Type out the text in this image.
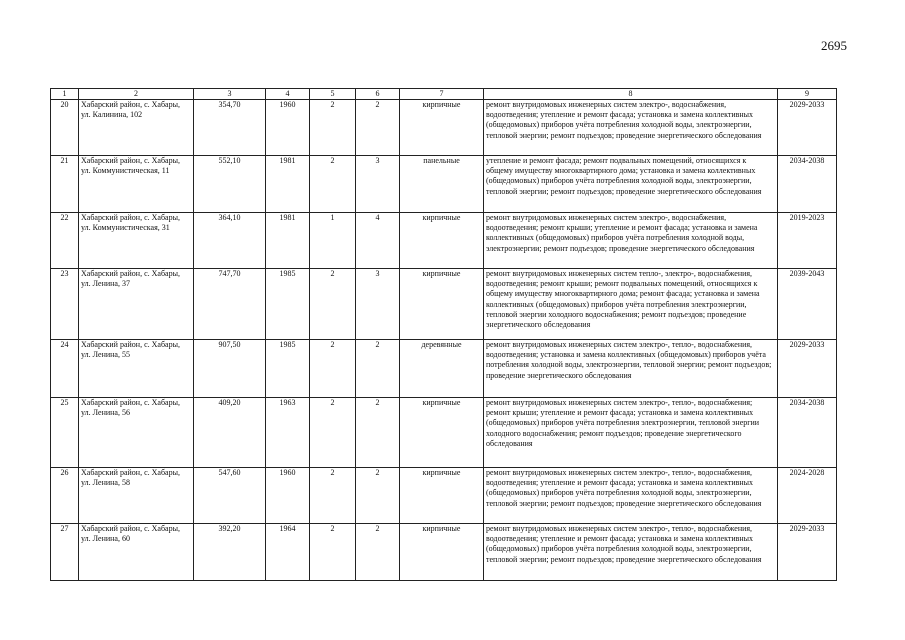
2695
1	2	3	4	5	6	7	8	9
20	Хабарский район, с. Хабары, ул. Калинина, 102	354,70	1960	2	2	кирпичные	ремонт внутридомовых инженерных систем электро-, водоснабжения, водоотведения; утепление и ремонт фасада; установка и замена коллективных (общедомовых) приборов учёта потребления холодной воды, электроэнергии, тепловой энергии; ремонт подъездов; проведение энергетического обследования	2029-2033
21	Хабарский район, с. Хабары, ул. Коммунистическая, 11	552,10	1981	2	3	панельные	утепление и ремонт фасада; ремонт подвальных помещений, относящихся к общему имуществу многоквартирного дома; установка и замена коллективных (общедомовых) приборов учёта потребления холодной воды, электроэнергии, тепловой энергии; ремонт подъездов; проведение энергетического обследования	2034-2038
22	Хабарский район, с. Хабары, ул. Коммунистическая, 31	364,10	1981	1	4	кирпичные	ремонт внутридомовых инженерных систем электро-, водоснабжения, водоотведения; ремонт крыши; утепление и ремонт фасада; установка и замена коллективных (общедомовых) приборов учёта потребления холодной воды, электроэнергии; ремонт подъездов; проведение энергетического обследования	2019-2023
23	Хабарский район, с. Хабары, ул. Ленина, 37	747,70	1985	2	3	кирпичные	ремонт внутридомовых инженерных систем тепло-, электро-, водоснабжения, водоотведения; ремонт крыши; ремонт подвальных помещений, относящихся к общему имуществу многоквартирного дома; ремонт фасада; установка и замена коллективных (общедомовых) приборов учёта потребления электроэнергии, тепловой энергии холодного водоснабжения; ремонт подъездов; проведение энергетического обследования	2039-2043
24	Хабарский район, с. Хабары, ул. Ленина, 55	907,50	1985	2	2	деревянные	ремонт внутридомовых инженерных систем электро-, тепло-, водоснабжения, водоотведения; установка и замена коллективных (общедомовых) приборов учёта потребления холодной воды, электроэнергии, тепловой энергии; ремонт подъездов; проведение энергетического обследования	2029-2033
25	Хабарский район, с. Хабары, ул. Ленина, 56	409,20	1963	2	2	кирпичные	ремонт внутридомовых инженерных систем электро-, тепло-, водоснабжения; ремонт крыши; утепление и ремонт фасада; установка и замена коллективных (общедомовых) приборов учёта потребления электроэнергии, тепловой энергии холодного водоснабжения; ремонт подъездов; проведение энергетического обследования	2034-2038
26	Хабарский район, с. Хабары, ул. Ленина, 58	547,60	1960	2	2	кирпичные	ремонт внутридомовых инженерных систем электро-, тепло-, водоснабжения, водоотведения; утепление и ремонт фасада; установка и замена коллективных (общедомовых) приборов учёта потребления холодной воды, электроэнергии, тепловой энергии; ремонт подъездов; проведение энергетического обследования	2024-2028
27	Хабарский район, с. Хабары, ул. Ленина, 60	392,20	1964	2	2	кирпичные	ремонт внутридомовых инженерных систем электро-, тепло-, водоснабжения, водоотведения; утепление и ремонт фасада; установка и замена коллективных (общедомовых) приборов учёта потребления холодной воды, электроэнергии, тепловой энергии; ремонт подъездов; проведение энергетического обследования	2029-2033
